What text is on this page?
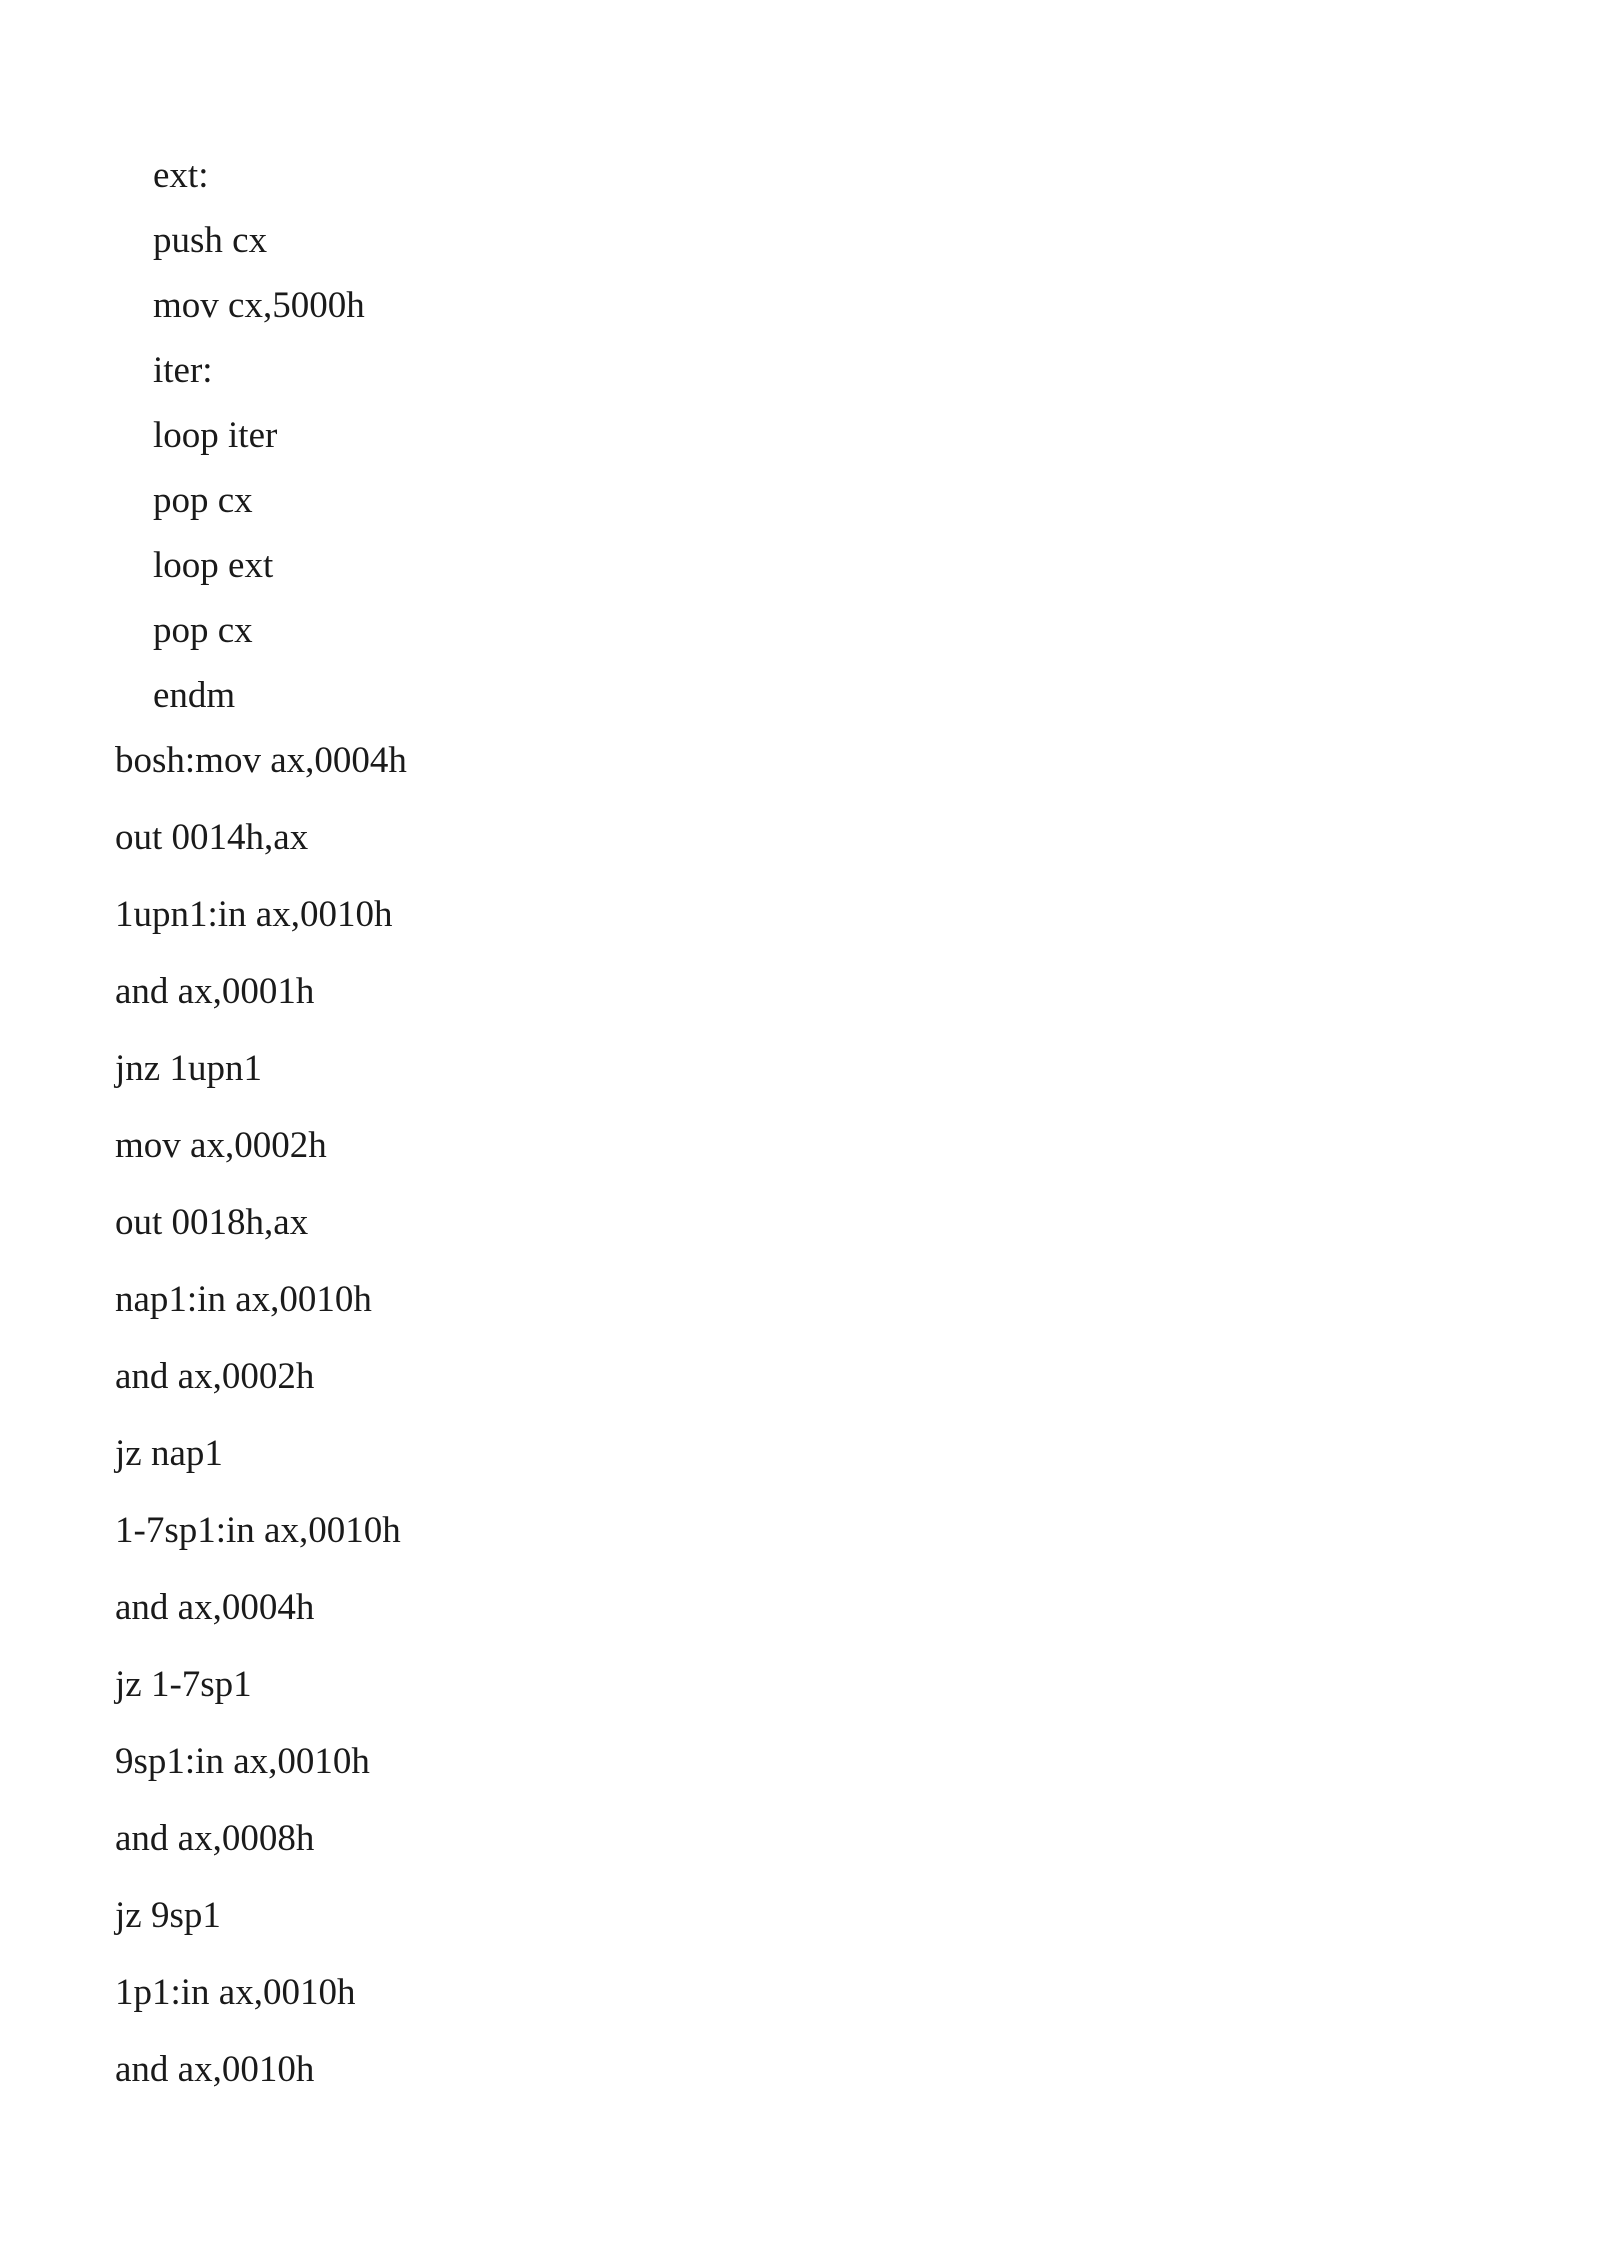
ext:

push cx

mov cx,5000h

iter:

loop iter

pop cx

loop ext

pop cx

endm

bosh:mov ax,0004h

out 0014h,ax

1upn1:in ax,0010h

and ax,0001h

jnz 1upn1

mov ax,0002h

out 0018h,ax

nap1:in ax,0010h

and ax,0002h

jz nap1

1-7sp1:in ax,0010h

and ax,0004h

jz 1-7sp1

9sp1:in ax,0010h

and ax,0008h

jz 9sp1

1p1:in ax,0010h

and ax,0010h
